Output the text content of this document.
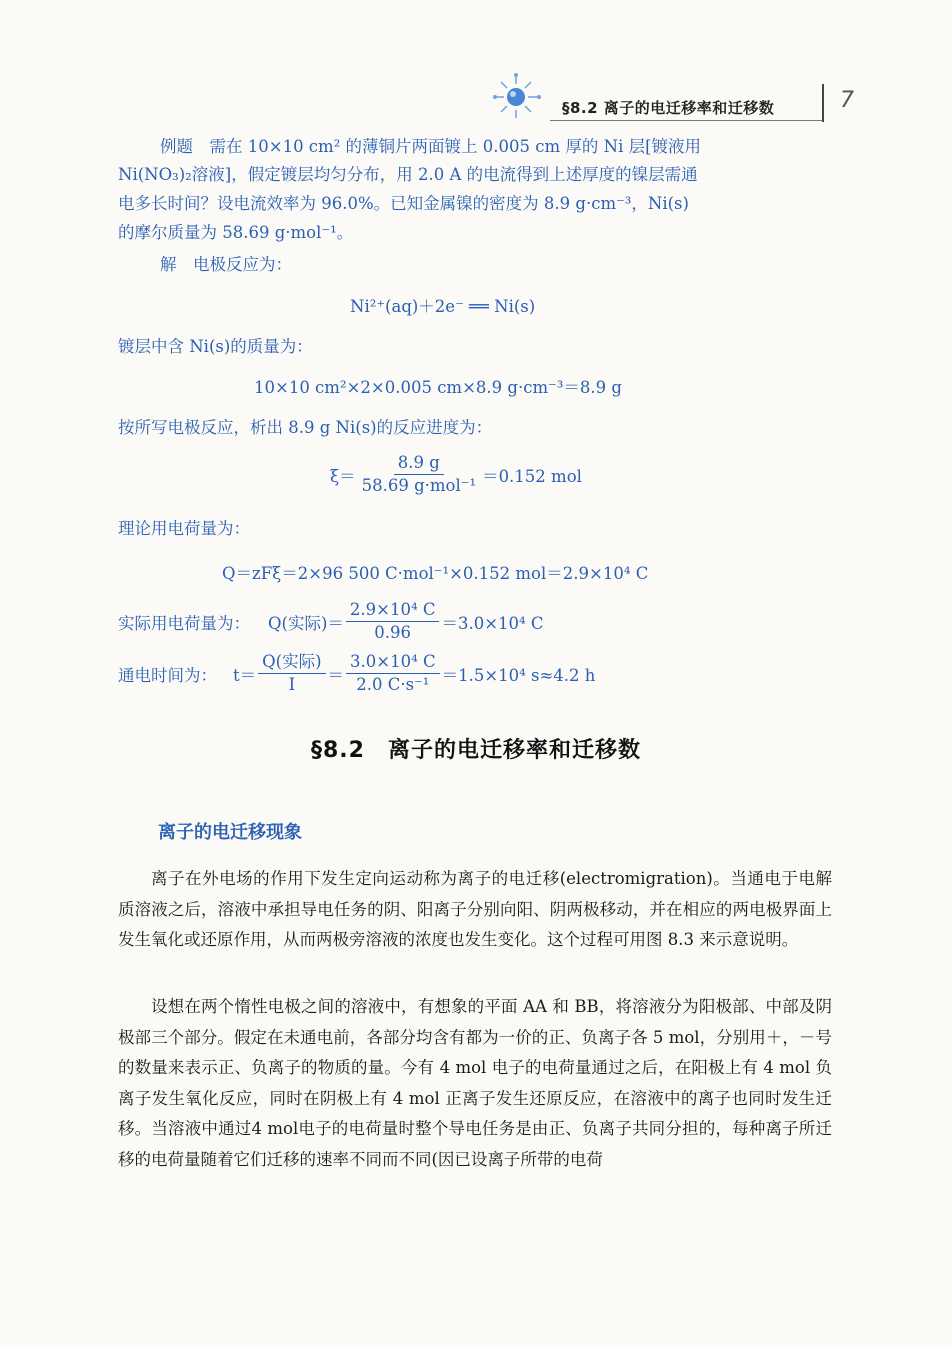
§8.2 离子的电迁移率和迁移数	7
例题　需在 10×10 cm² 的薄铜片两面镀上 0.005 cm 厚的 Ni 层[镀液用
Ni(NO₃)₂溶液]，假定镀层均匀分布，用 2.0 A 的电流得到上述厚度的镍层需通
电多长时间？设电流效率为 96.0%。已知金属镍的密度为 8.9 g·cm⁻³，Ni(s)
的摩尔质量为 58.69 g·mol⁻¹。
解　电极反应为：
Ni²⁺(aq)＋2e⁻ ══ Ni(s)
镀层中含 Ni(s)的质量为：
10×10 cm²×2×0.005 cm×8.9 g·cm⁻³＝8.9 g
按所写电极反应，析出 8.9 g Ni(s)的反应进度为：
$\xi= \frac{8.9 g}{\text{58.69 g·mol⁻¹}} =0.152$ mol
理论用电荷量为：
Q＝zFξ＝2×96 500 C·mol⁻¹×0.152 mol＝2.9×10⁴ C
实际用电荷量为： Q(实际)＝ $\frac{\text{2.9×10⁴ C}}{0.96} =3.0\times 10^4$ C
通电时间为： $t= \frac{\text{Q(实际)}}{I} = \frac{\text{3.0×10⁴ C}}{\text{2.0 C·s⁻¹}} =1.5\times 10^4$ s≈4.2 h
§8.2　离子的电迁移率和迁移数
离子的电迁移现象
离子在外电场的作用下发生定向运动称为离子的电迁移(electromigration)。当通电于电解质溶液之后，溶液中承担导电任务的阴、阳离子分别向阳、阴两极移动，并在相应的两电极界面上发生氧化或还原作用，从而两极旁溶液的浓度也发生变化。这个过程可用图 8.3 来示意说明。
设想在两个惰性电极之间的溶液中，有想象的平面 AA 和 BB，将溶液分为阳极部、中部及阴极部三个部分。假定在未通电前，各部分均含有都为一价的正、负离子各 5 mol，分别用＋，－号的数量来表示正、负离子的物质的量。今有 4 mol 电子的电荷量通过之后，在阳极上有 4 mol 负离子发生氧化反应，同时在阴极上有 4 mol 正离子发生还原反应，在溶液中的离子也同时发生迁移。当溶液中通过4 mol电子的电荷量时整个导电任务是由正、负离子共同分担的，每种离子所迁移的电荷量随着它们迁移的速率不同而不同(因已设离子所带的电荷
